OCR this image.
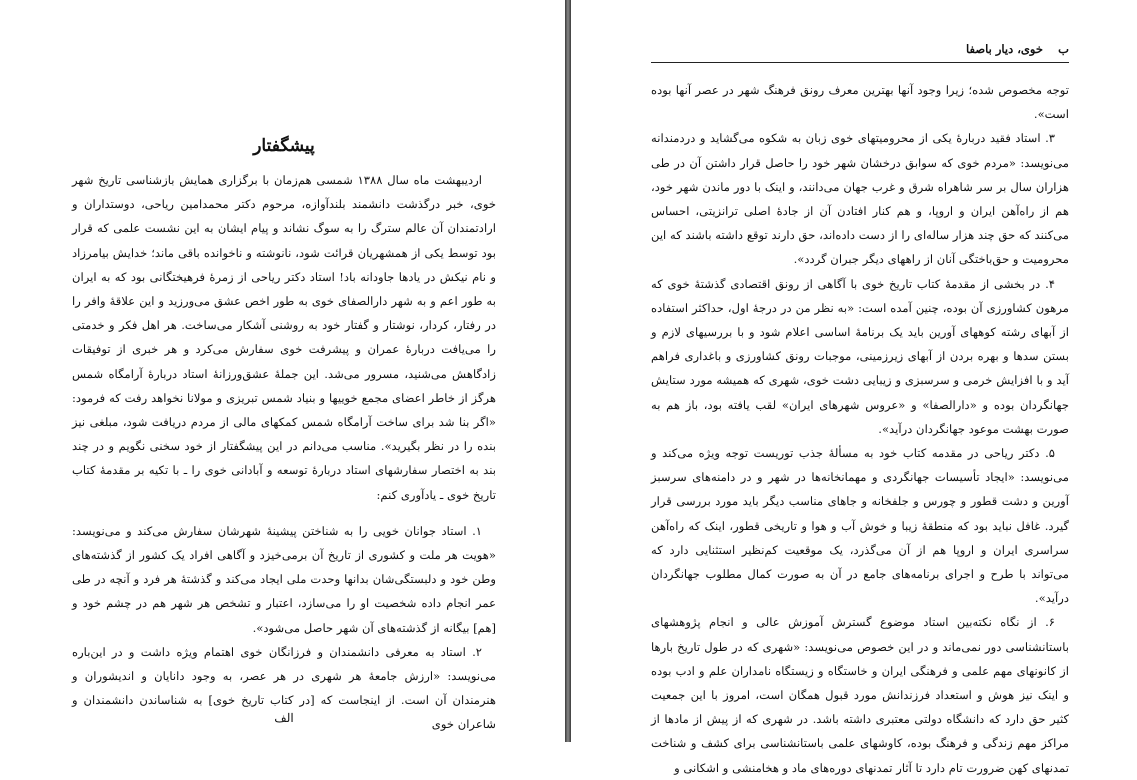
پیشگفتار

اردیبهشت ماه سال ۱۳۸۸ شمسی هم‌زمان با برگزاری همایش بازشناسی تاریخ شهر خوی، خبر درگذشت دانشمند بلندآوازه، مرحوم دکتر محمدامین ریاحی، دوستداران و ارادتمندان آن عالم سترگ را به سوگ نشاند و پیام ایشان به این نشست علمی که قرار بود توسط یکی از همشهریان قرائت شود، نانوشته و ناخوانده باقی ماند؛ خدایش بیامرزاد و نام نیکش در یادها جاودانه باد! استاد دکتر ریاحی از زمرهٔ فرهیختگانی بود که به ایران به طور اعم و به شهر دارالصفای خوی به طور اخص عشق می‌ورزید و این علاقهٔ وافر را در رفتار، کردار، نوشتار و گفتار خود به روشنی آشکار می‌ساخت. هر اهل فکر و خدمتی را می‌یافت دربارهٔ عمران و پیشرفت خوی سفارش می‌کرد و هر خبری از توفیقات زادگاهش می‌شنید، مسرور می‌شد. این جملهٔ عشق‌ورزانهٔ استاد دربارهٔ آرامگاه شمس هرگز از خاطر اعضای مجمع خوییها و بنیاد شمس تبریزی و مولانا نخواهد رفت که فرمود: «اگر بنا شد برای ساخت آرامگاه شمس کمکهای مالی از مردم دریافت شود، مبلغی نیز بنده را در نظر بگیرید». مناسب می‌دانم در این پیشگفتار از خود سخنی نگویم و در چند بند به اختصار سفارشهای استاد دربارهٔ توسعه و آبادانی خوی را ـ با تکیه بر مقدمهٔ کتاب تاریخ خوی ـ یادآوری کنم:

۱. استاد جوانان خویی را به شناختن پیشینهٔ شهرشان سفارش می‌کند و می‌نویسد: «هویت هر ملت و کشوری از تاریخ آن برمی‌خیزد و آگاهی افراد یک کشور از گذشته‌های وطن خود و دلبستگی‌شان بدانها وحدت ملی ایجاد می‌کند و گذشتهٔ هر فرد و آنچه در طی عمر انجام داده شخصیت او را می‌سازد، اعتبار و تشخص هر شهر هم در چشم خود و [هم] بیگانه از گذشته‌های آن شهر حاصل می‌شود».

۲. استاد به معرفی دانشمندان و فرزانگان خوی اهتمام ویژه داشت و در این‌باره می‌نویسد: «ارزش جامعهٔ هر شهری در هر عصر، به وجود دانایان و اندیشوران و هنرمندان آن است. از اینجاست که [در کتاب تاریخ خوی] به شناساندن دانشمندان و شاعران خوی

الف
ب
خوی، دیار باصفا

توجه مخصوص شده؛ زیرا وجود آنها بهترین معرف رونق فرهنگ شهر در عصر آنها بوده است».

۳. استاد فقید دربارهٔ یکی از محرومیتهای خوی زبان به شکوه می‌گشاید و دردمندانه می‌نویسد: «مردم خوی که سوابق درخشان شهر خود را حاصل قرار داشتن آن در طی هزاران سال بر سر شاهراه شرق و غرب جهان می‌دانند، و اینک با دور ماندن شهر خود، هم از راه‌آهن ایران و اروپا، و هم کنار افتادن آن از جادهٔ اصلی ترانزیتی، احساس می‌کنند که حق چند هزار ساله‌ای را از دست داده‌اند، حق دارند توقع داشته باشند که این محرومیت و حق‌باختگی آنان از راههای دیگر جبران گردد».

۴. در بخشی از مقدمهٔ کتاب تاریخ خوی با آگاهی از رونق اقتصادی گذشتهٔ خوی که مرهون کشاورزی آن بوده، چنین آمده است: «به نظر من در درجهٔ اول، حداکثر استفاده از آبهای رشته کوههای آورین باید یک برنامهٔ اساسی اعلام شود و با بررسیهای لازم و بستن سدها و بهره بردن از آبهای زیرزمینی، موجبات رونق کشاورزی و باغداری فراهم آید و با افزایش خرمی و سرسبزی و زیبایی دشت خوی، شهری که همیشه مورد ستایش جهانگردان بوده و «دارالصفا» و «عروس شهرهای ایران» لقب یافته بود، باز هم به صورت بهشت موعود جهانگردان درآید».

۵. دکتر ریاحی در مقدمه کتاب خود به مسألهٔ جذب توریست توجه ویژه می‌کند و می‌نویسد: «ایجاد تأسیسات جهانگردی و مهمانخانه‌ها در شهر و در دامنه‌های سرسبز آورین و دشت قطور و چورس و جلفخانه و جاهای مناسب دیگر باید مورد بررسی قرار گیرد. غافل نباید بود که منطقهٔ زیبا و خوش آب و هوا و تاریخی قطور، اینک که راه‌آهن سراسری ایران و اروپا هم از آن می‌گذرد، یک موقعیت کم‌نظیر استثنایی دارد که می‌تواند با طرح و اجرای برنامه‌های جامع در آن به صورت کمال مطلوب جهانگردان درآید».

۶. از نگاه نکته‌بین استاد موضوع گسترش آموزش عالی و انجام پژوهشهای باستانشناسی دور نمی‌ماند و در این خصوص می‌نویسد: «شهری که در طول تاریخ بارها از کانونهای مهم علمی و فرهنگی ایران و خاستگاه و زیستگاه نامداران علم و ادب بوده و اینک نیز هوش و استعداد فرزندانش مورد قبول همگان است، امروز با این جمعیت کثیر حق دارد که دانشگاه دولتی معتبری داشته باشد. در شهری که از پیش از مادها از مراکز مهم زندگی و فرهنگ بوده، کاوشهای علمی باستانشناسی برای کشف و شناخت تمدنهای کهن ضرورت تام دارد تا آثار تمدنهای دوره‌های ماد و هخامنشی و اشکانی و
